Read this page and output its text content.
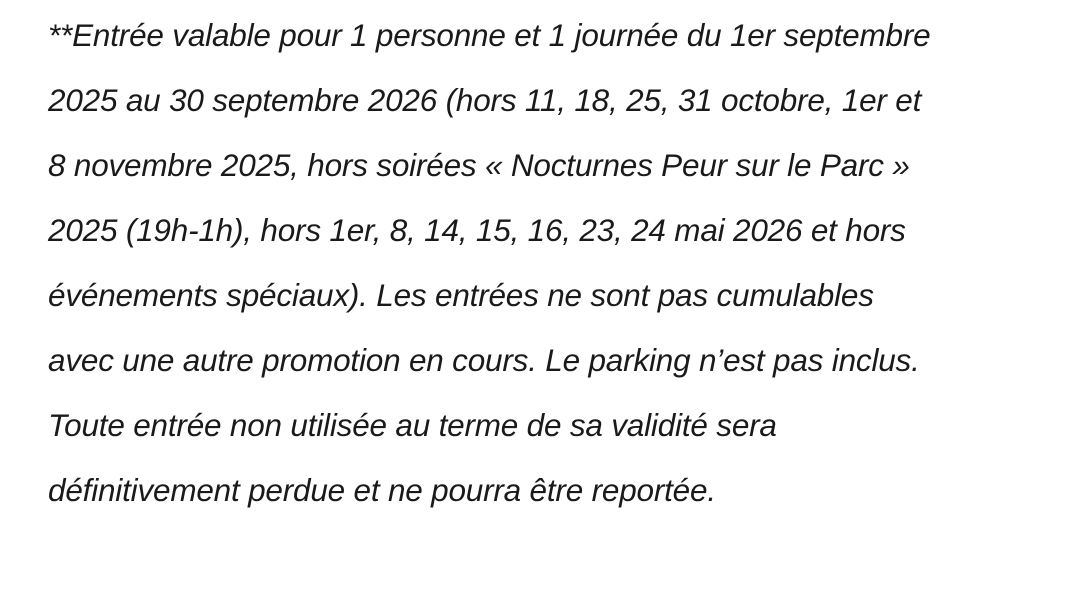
**Entrée valable pour 1 personne et 1 journée du 1er septembre
2025 au 30 septembre 2026 (hors 11, 18, 25, 31 octobre, 1er et
8 novembre 2025, hors soirées « Nocturnes Peur sur le Parc »
2025 (19h-1h), hors 1er, 8, 14, 15, 16, 23, 24 mai 2026 et hors
événements spéciaux). Les entrées ne sont pas cumulables
avec une autre promotion en cours. Le parking n’est pas inclus.
Toute entrée non utilisée au terme de sa validité sera
définitivement perdue et ne pourra être reportée.
